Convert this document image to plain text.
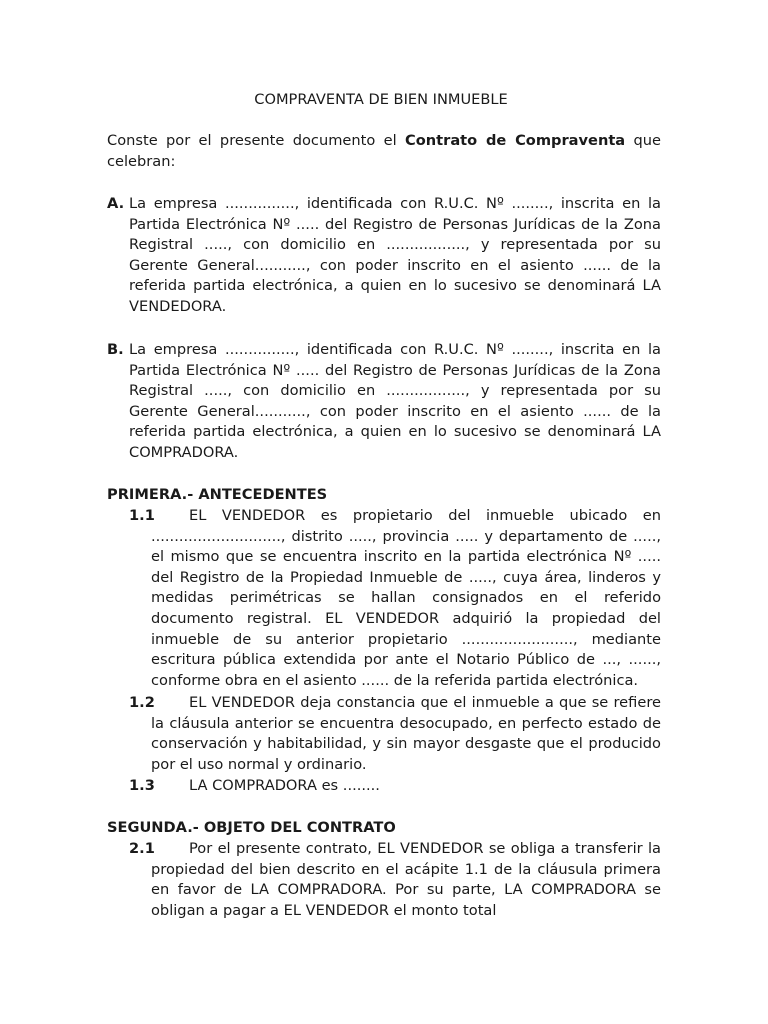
COMPRAVENTA DE BIEN INMUEBLE

Conste por el presente documento el Contrato de Compraventa que celebran:

A. La empresa ..............., identificada con R.U.C. Nº ........, inscrita en la Partida Electrónica Nº ..... del Registro de Personas Jurídicas de la Zona Registral ....., con domicilio en ................., y representada por su Gerente General..........., con poder inscrito en el asiento ...... de la referida partida electrónica, a quien en lo sucesivo se denominará LA VENDEDORA.

B. La empresa ..............., identificada con R.U.C. Nº ........, inscrita en la Partida Electrónica Nº ..... del Registro de Personas Jurídicas de la Zona Registral ....., con domicilio en ................., y representada por su Gerente General..........., con poder inscrito en el asiento ...... de la referida partida electrónica, a quien en lo sucesivo se denominará LA COMPRADORA.

PRIMERA.- ANTECEDENTES

1.1	EL VENDEDOR es propietario del inmueble ubicado en ............................, distrito ....., provincia ..... y departamento de ....., el mismo que se encuentra inscrito en la partida electrónica Nº ..... del Registro de la Propiedad Inmueble de ....., cuya área, linderos y medidas perimétricas se hallan consignados en el referido documento registral. EL VENDEDOR adquirió la propiedad del inmueble de su anterior propietario ........................, mediante escritura pública extendida por ante el Notario Público de ..., ......, conforme obra en el asiento ...... de la referida partida electrónica.

1.2	EL VENDEDOR deja constancia que el inmueble a que se refiere la cláusula anterior se encuentra desocupado, en perfecto estado de conservación y habitabilidad, y sin mayor desgaste que el producido por el uso normal y ordinario.

1.3	LA COMPRADORA es ........

SEGUNDA.- OBJETO DEL CONTRATO

2.1	Por el presente contrato, EL VENDEDOR se obliga a transferir la propiedad del bien descrito en el acápite 1.1 de la cláusula primera en favor de LA COMPRADORA. Por su parte, LA COMPRADORA se obligan a pagar a EL VENDEDOR el monto total
